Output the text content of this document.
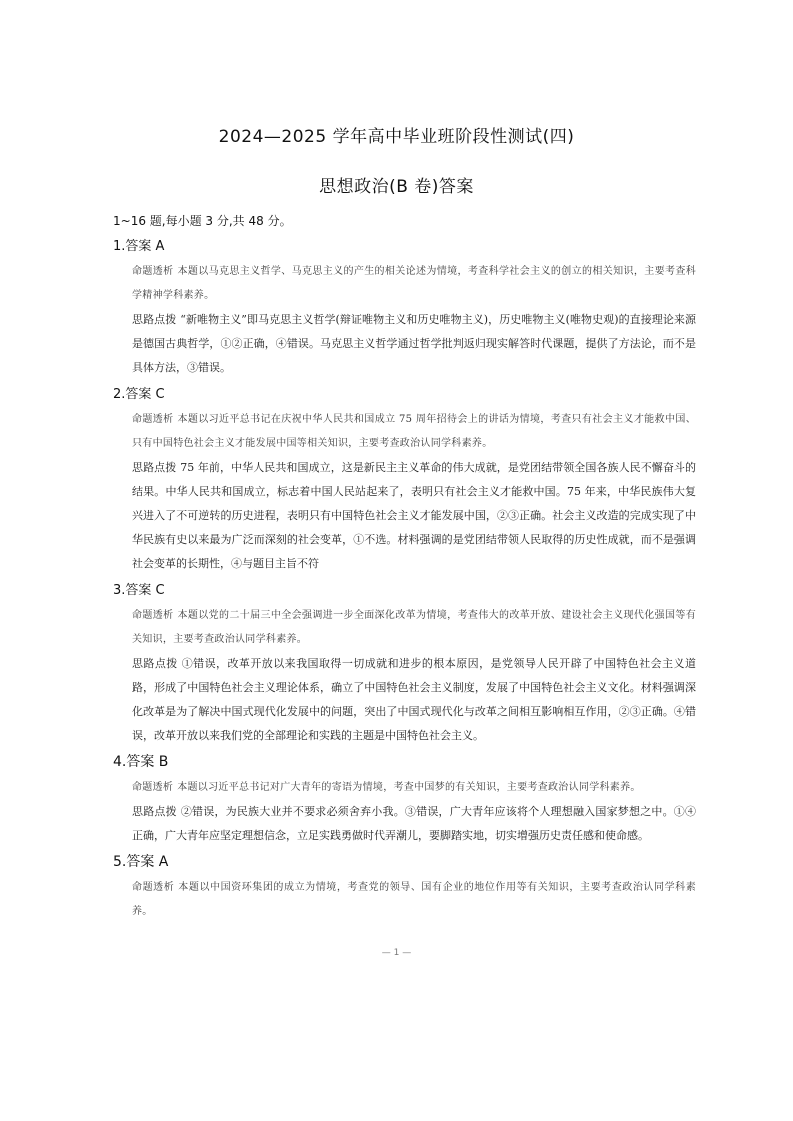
2024—2025 学年高中毕业班阶段性测试(四)
思想政治(B 卷)答案
1~16 题,每小题 3 分,共 48 分。
1.答案 A
命题透析 本题以马克思主义哲学、马克思主义的产生的相关论述为情境，考查科学社会主义的创立的相关知识，主要考查科学精神学科素养。
思路点拨 “新唯物主义”即马克思主义哲学(辩证唯物主义和历史唯物主义)，历史唯物主义(唯物史观)的直接理论来源是德国古典哲学，①②正确，④错误。马克思主义哲学通过哲学批判返归现实解答时代课题，提供了方法论，而不是具体方法，③错误。
2.答案 C
命题透析 本题以习近平总书记在庆祝中华人民共和国成立 75 周年招待会上的讲话为情境，考查只有社会主义才能救中国、只有中国特色社会主义才能发展中国等相关知识，主要考查政治认同学科素养。
思路点拨 75 年前，中华人民共和国成立，这是新民主主义革命的伟大成就，是党团结带领全国各族人民不懈奋斗的结果。中华人民共和国成立，标志着中国人民站起来了，表明只有社会主义才能救中国。75 年来，中华民族伟大复兴进入了不可逆转的历史进程，表明只有中国特色社会主义才能发展中国，②③正确。社会主义改造的完成实现了中华民族有史以来最为广泛而深刻的社会变革，①不选。材料强调的是党团结带领人民取得的历史性成就，而不是强调社会变革的长期性，④与题目主旨不符
3.答案 C
命题透析 本题以党的二十届三中全会强调进一步全面深化改革为情境，考查伟大的改革开放、建设社会主义现代化强国等有关知识，主要考查政治认同学科素养。
思路点拨 ①错误，改革开放以来我国取得一切成就和进步的根本原因，是党领导人民开辟了中国特色社会主义道路，形成了中国特色社会主义理论体系，确立了中国特色社会主义制度，发展了中国特色社会主义文化。材料强调深化改革是为了解决中国式现代化发展中的问题，突出了中国式现代化与改革之间相互影响相互作用，②③正确。④错误，改革开放以来我们党的全部理论和实践的主题是中国特色社会主义。
4.答案 B
命题透析 本题以习近平总书记对广大青年的寄语为情境，考查中国梦的有关知识，主要考查政治认同学科素养。
思路点拨 ②错误，为民族大业并不要求必须舍弃小我。③错误，广大青年应该将个人理想融入国家梦想之中。①④正确，广大青年应坚定理想信念，立足实践勇做时代弄潮儿，要脚踏实地，切实增强历史责任感和使命感。
5.答案 A
命题透析 本题以中国资环集团的成立为情境，考查党的领导、国有企业的地位作用等有关知识，主要考查政治认同学科素养。
— 1 —
